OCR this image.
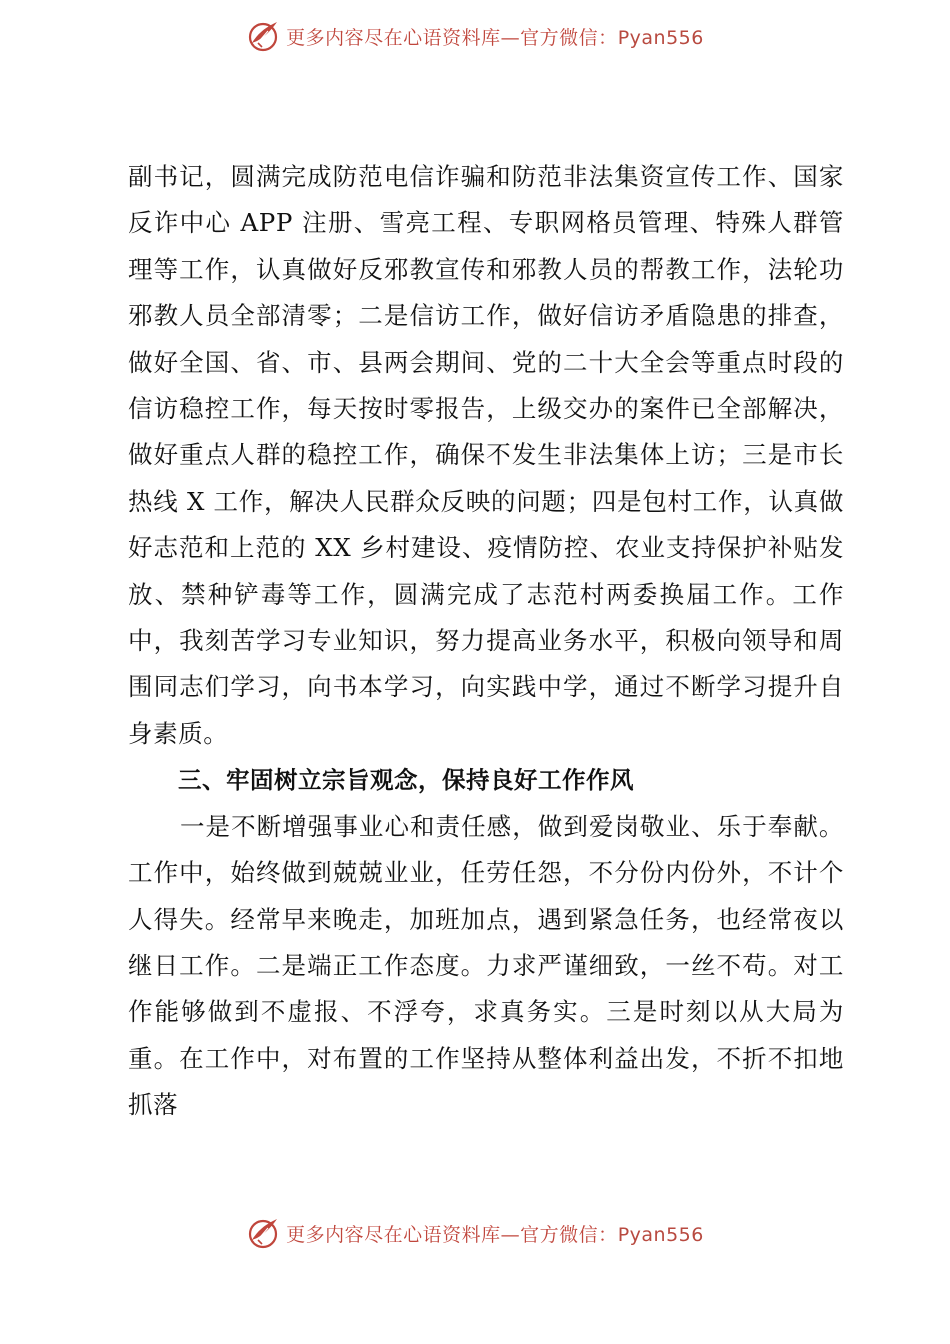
更多内容尽在心语资料库—官方微信：Pyan556

副书记，圆满完成防范电信诈骗和防范非法集资宣传工作、国家反诈中心 APP 注册、雪亮工程、专职网格员管理、特殊人群管理等工作，认真做好反邪教宣传和邪教人员的帮教工作，法轮功邪教人员全部清零；二是信访工作，做好信访矛盾隐患的排查，做好全国、省、市、县两会期间、党的二十大全会等重点时段的信访稳控工作，每天按时零报告，上级交办的案件已全部解决， 做好重点人群的稳控工作，确保不发生非法集体上访；三是市长热线 X 工作，解决人民群众反映的问题；四是包村工作，认真做好志范和上范的 XX 乡村建设、疫情防控、农业支持保护补贴发放、禁种铲毒等工作，圆满完成了志范村两委换届工作。工作中，我刻苦学习专业知识，努力提高业务水平，积极向领导和周围同志们学习，向书本学习，向实践中学，通过不断学习提升自身素质。

三、牢固树立宗旨观念，保持良好工作作风

一是不断增强事业心和责任感，做到爱岗敬业、乐于奉献。工作中，始终做到兢兢业业，任劳任怨，不分份内份外，不计个人得失。经常早来晚走，加班加点，遇到紧急任务，也经常夜以继日工作。二是端正工作态度。力求严谨细致，一丝不苟。对工作能够做到不虚报、不浮夸，求真务实。三是时刻以从大局为重。在工作中，对布置的工作坚持从整体利益出发，不折不扣地抓落

更多内容尽在心语资料库—官方微信：Pyan556
